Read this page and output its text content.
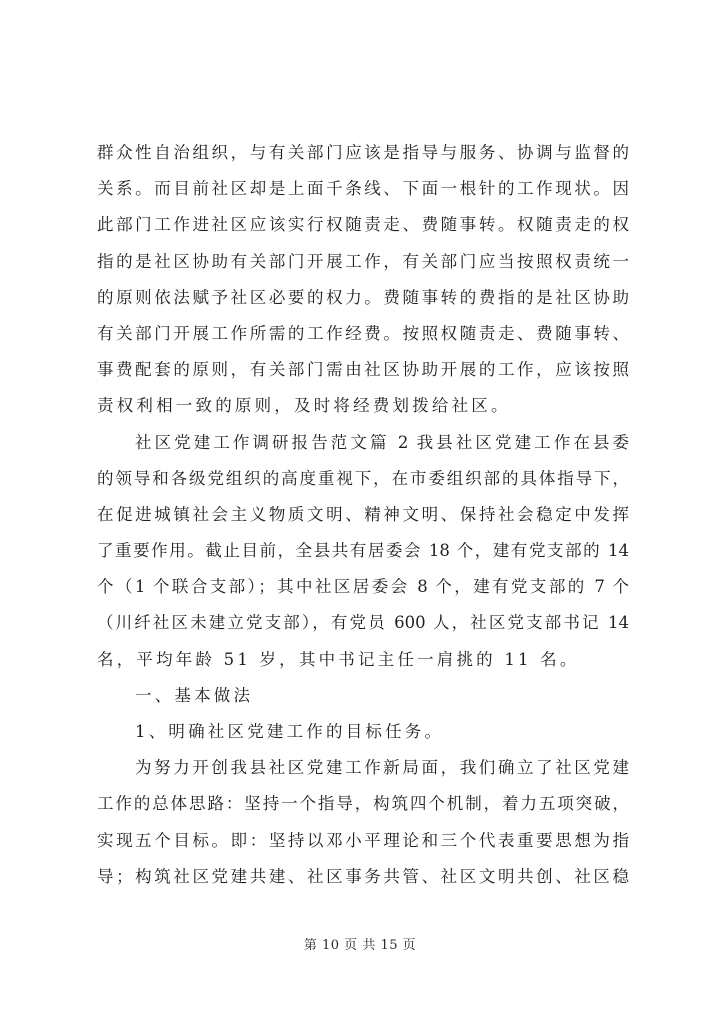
群众性自治组织，与有关部门应该是指导与服务、协调与监督的
关系。而目前社区却是上面千条线、下面一根针的工作现状。因
此部门工作进社区应该实行权随责走、费随事转。权随责走的权
指的是社区协助有关部门开展工作，有关部门应当按照权责统一
的原则依法赋予社区必要的权力。费随事转的费指的是社区协助
有关部门开展工作所需的工作经费。按照权随责走、费随事转、
事费配套的原则，有关部门需由社区协助开展的工作，应该按照
责权利相一致的原则，及时将经费划拨给社区。
社区党建工作调研报告范文篇 2 我县社区党建工作在县委
的领导和各级党组织的高度重视下，在市委组织部的具体指导下，
在促进城镇社会主义物质文明、精神文明、保持社会稳定中发挥
了重要作用。截止目前，全县共有居委会 18 个，建有党支部的 14
个（1 个联合支部）；其中社区居委会 8 个，建有党支部的 7 个
（川纤社区未建立党支部），有党员 600 人，社区党支部书记 14
名，平均年龄 51 岁，其中书记主任一肩挑的 11 名。
一、基本做法
1、明确社区党建工作的目标任务。
为努力开创我县社区党建工作新局面，我们确立了社区党建
工作的总体思路：坚持一个指导，构筑四个机制，着力五项突破，
实现五个目标。即：坚持以邓小平理论和三个代表重要思想为指
导；构筑社区党建共建、社区事务共管、社区文明共创、社区稳
第 10 页 共 15 页
